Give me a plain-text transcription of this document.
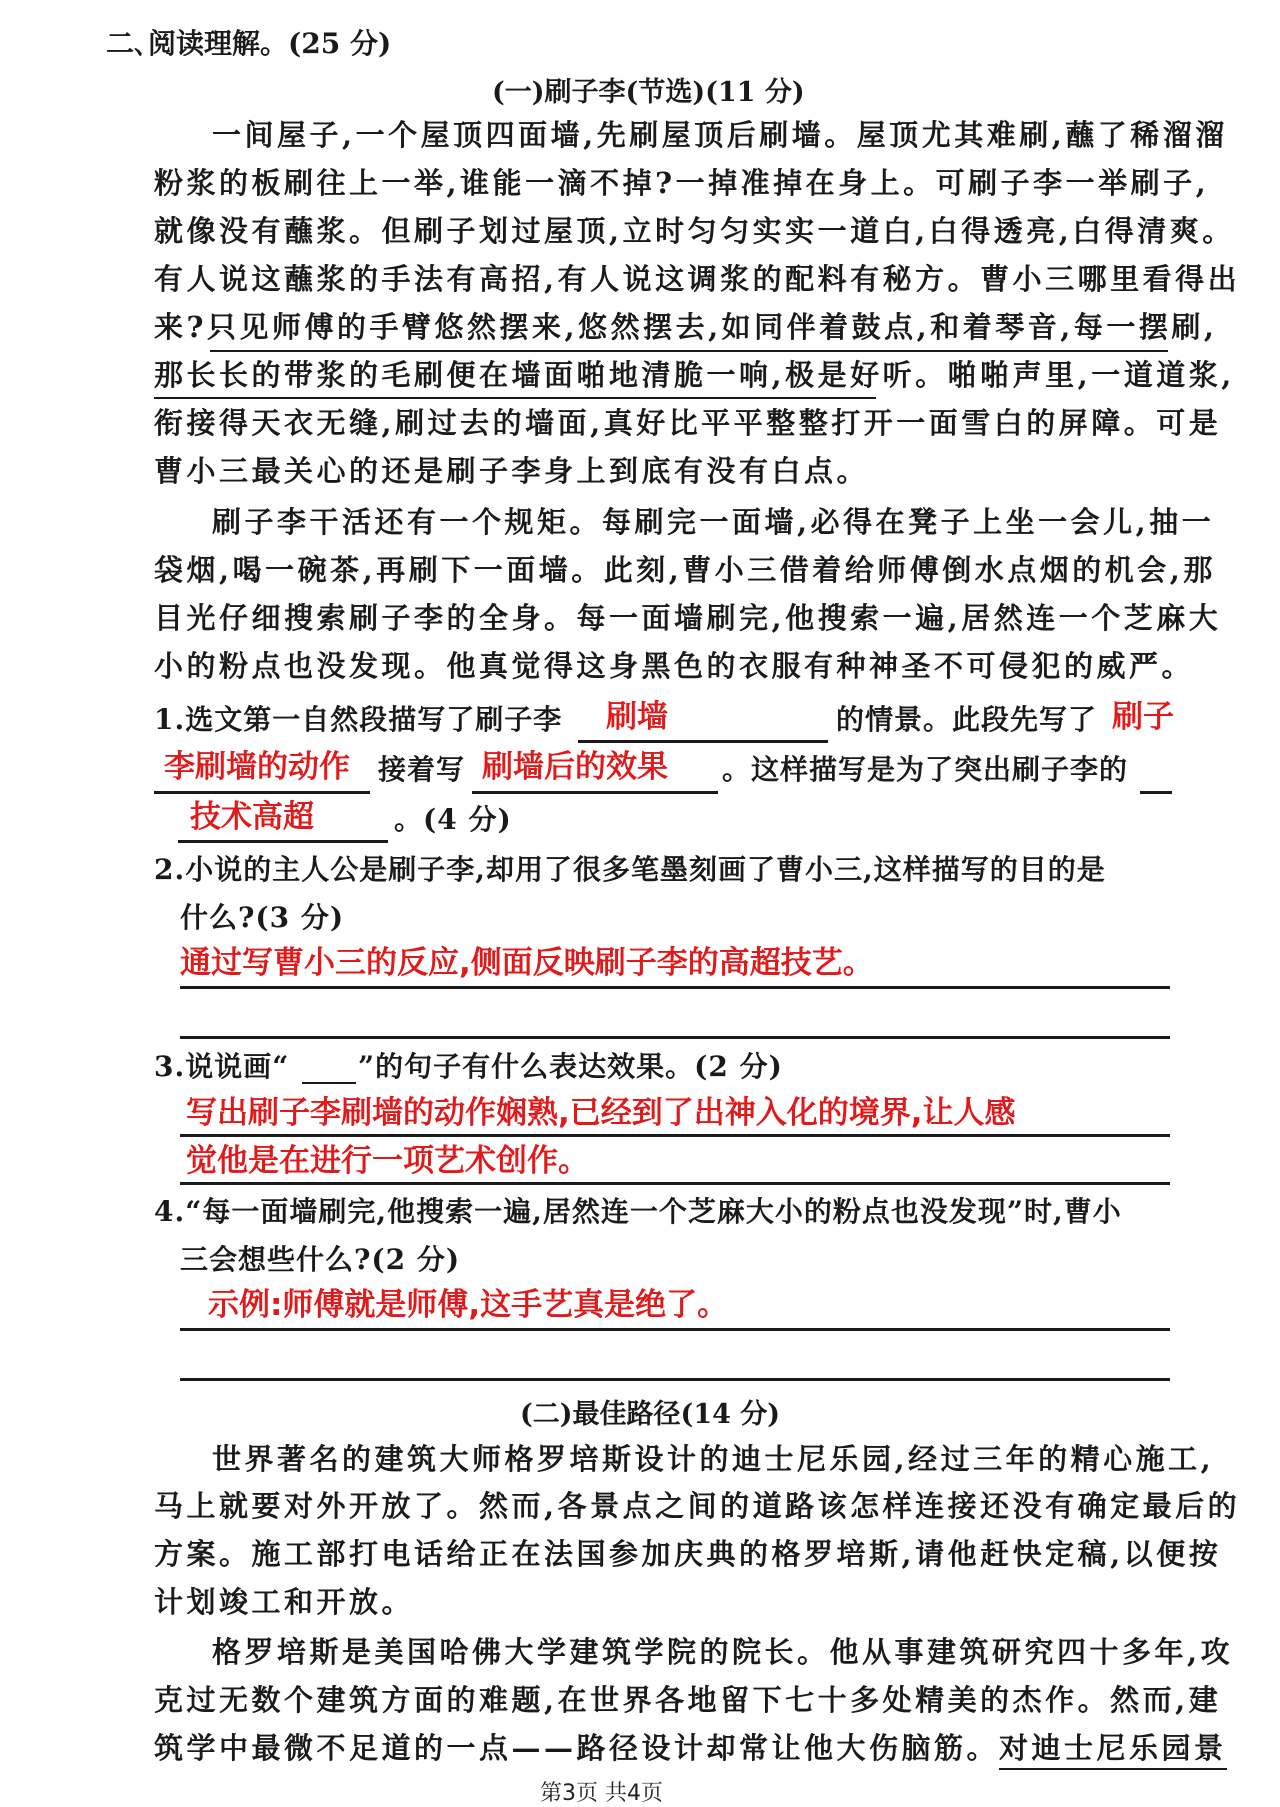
二､阅读理解。(25 分)
(一)刷子李(节选)(11 分)
一间屋子,一个屋顶四面墙,先刷屋顶后刷墙。屋顶尤其难刷,蘸了稀溜溜
粉浆的板刷往上一举,谁能一滴不掉?一掉准掉在身上。可刷子李一举刷子,
就像没有蘸浆。但刷子划过屋顶,立时匀匀实实一道白,白得透亮,白得清爽。
有人说这蘸浆的手法有高招,有人说这调浆的配料有秘方。曹小三哪里看得出
来?只见师傅的手臂悠然摆来,悠然摆去,如同伴着鼓点,和着琴音,每一摆刷,
那长长的带浆的毛刷便在墙面啪地清脆一响,极是好听。啪啪声里,一道道浆,
衔接得天衣无缝,刷过去的墙面,真好比平平整整打开一面雪白的屏障。可是
曹小三最关心的还是刷子李身上到底有没有白点。
刷子李干活还有一个规矩。每刷完一面墙,必得在凳子上坐一会儿,抽一
袋烟,喝一碗茶,再刷下一面墙。此刻,曹小三借着给师傅倒水点烟的机会,那
目光仔细搜索刷子李的全身。每一面墙刷完,他搜索一遍,居然连一个芝麻大
小的粉点也没发现。他真觉得这身黑色的衣服有种神圣不可侵犯的威严。
1.选文第一自然段描写了刷子李 刷墙	的情景。此段先写了 刷子
李刷墙的动作 接着写 刷墙后的效果 。这样描写是为了突出刷子李的
技术高超	。(4 分)
2.小说的主人公是刷子李,却用了很多笔墨刻画了曹小三,这样描写的目的是
什么?(3 分)
通过写曹小三的反应,侧面反映刷子李的高超技艺。
3.说说画“ ”的句子有什么表达效果。(2 分)
写出刷子李刷墙的动作娴熟,已经到了出神入化的境界,让人感
觉他是在进行一项艺术创作。
4.“每一面墙刷完,他搜索一遍,居然连一个芝麻大小的粉点也没发现”时,曹小
三会想些什么?(2 分)
示例:师傅就是师傅,这手艺真是绝了。
(二)最佳路径(14 分)
世界著名的建筑大师格罗培斯设计的迪士尼乐园,经过三年的精心施工,
马上就要对外开放了。然而,各景点之间的道路该怎样连接还没有确定最后的
方案。施工部打电话给正在法国参加庆典的格罗培斯,请他赶快定稿,以便按
计划竣工和开放。
格罗培斯是美国哈佛大学建筑学院的院长。他从事建筑研究四十多年,攻
克过无数个建筑方面的难题,在世界各地留下七十多处精美的杰作。然而,建
筑学中最微不足道的一点——路径设计却常让他大伤脑筋。对迪士尼乐园景
第3页 共4页
